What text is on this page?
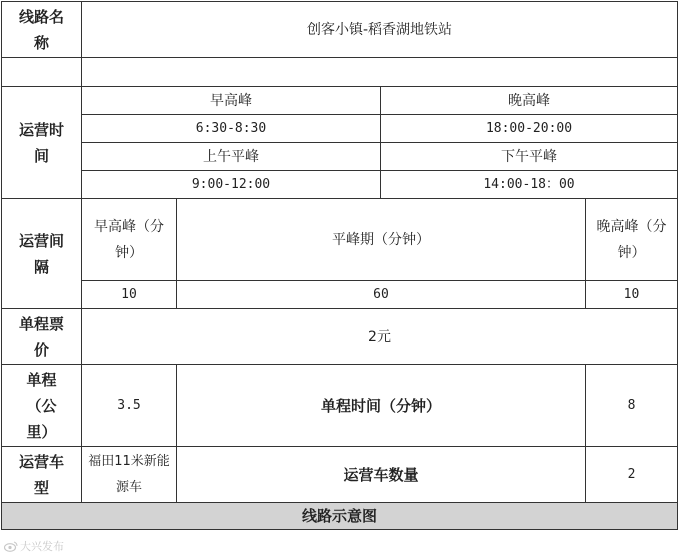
线路名称	创客小镇-稻香湖地铁站			

运营时间	早高峰		晚高峰	
	6:30-8:30		18:00-20:00	
	上午平峰		下午平峰	
	9:00-12:00		14:00-18：00	
运营间隔	早高峰（分钟）	平峰期（分钟）		晚高峰（分钟）
	10	60		10
单程票价	2元			
单程（公里）	3.5	单程时间（分钟）		8
运营车型	福田11米新能源车	运营车数量		2
线路示意图				
大兴发布
